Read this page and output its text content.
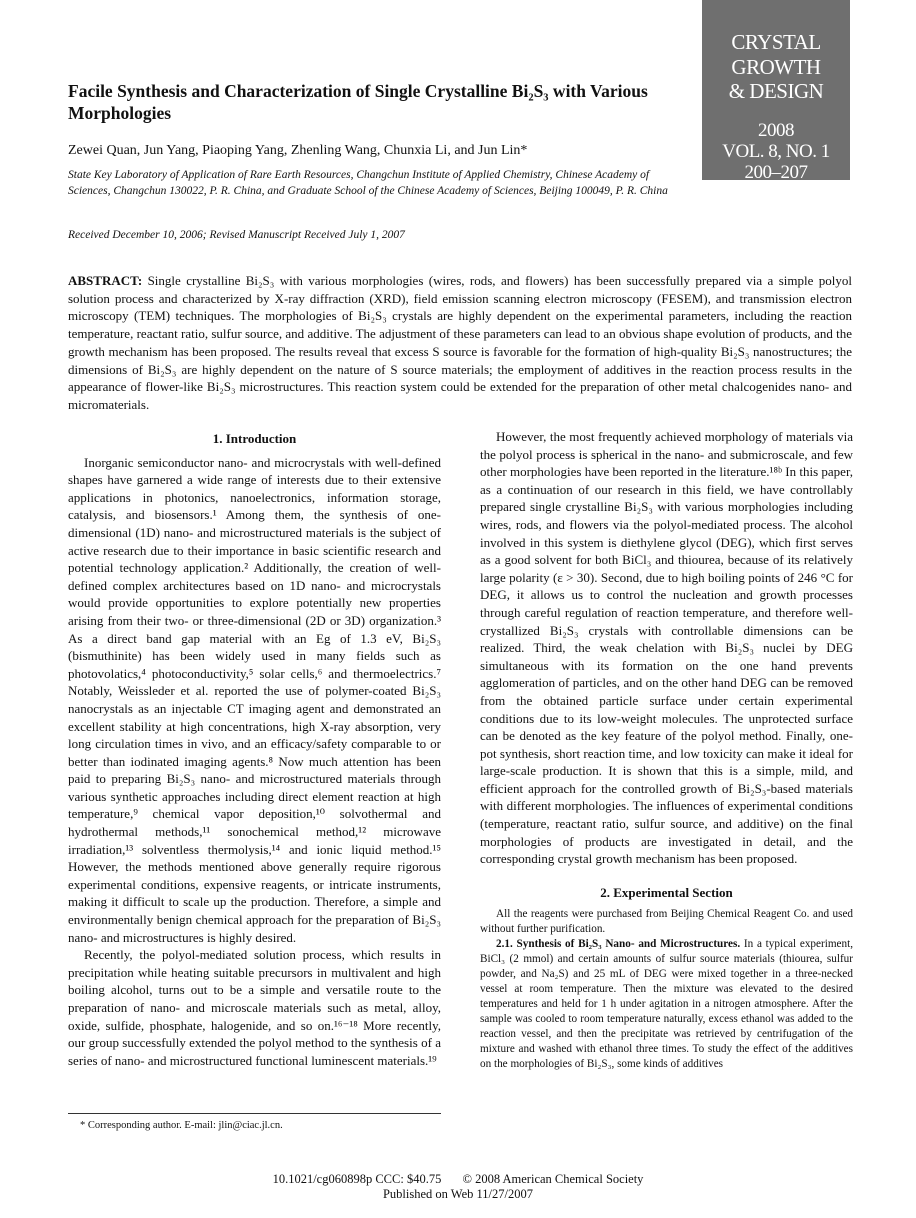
CRYSTAL
GROWTH
& DESIGN
2008
VOL. 8, NO. 1
200–207
Facile Synthesis and Characterization of Single Crystalline Bi₂S₃ with Various Morphologies
Zewei Quan, Jun Yang, Piaoping Yang, Zhenling Wang, Chunxia Li, and Jun Lin*
State Key Laboratory of Application of Rare Earth Resources, Changchun Institute of Applied Chemistry, Chinese Academy of Sciences, Changchun 130022, P. R. China, and Graduate School of the Chinese Academy of Sciences, Beijing 100049, P. R. China
Received December 10, 2006; Revised Manuscript Received July 1, 2007

ABSTRACT: Single crystalline Bi₂S₃ with various morphologies (wires, rods, and flowers) has been successfully prepared via a simple polyol solution process and characterized by X-ray diffraction (XRD), field emission scanning electron microscopy (FESEM), and transmission electron microscopy (TEM) techniques. The morphologies of Bi₂S₃ crystals are highly dependent on the experimental parameters, including the reaction temperature, reactant ratio, sulfur source, and additive. The adjustment of these parameters can lead to an obvious shape evolution of products, and the growth mechanism has been proposed. The results reveal that excess S source is favorable for the formation of high-quality Bi₂S₃ nanostructures; the dimensions of Bi₂S₃ are highly dependent on the nature of S source materials; the employment of additives in the reaction process results in the appearance of flower-like Bi₂S₃ microstructures. This reaction system could be extended for the preparation of other metal chalcogenides nano- and micromaterials.

1. Introduction

Inorganic semiconductor nano- and microcrystals with well-defined shapes have garnered a wide range of interests due to their extensive applications in photonics, nanoelectronics, information storage, catalysis, and biosensors.¹ Among them, the synthesis of one-dimensional (1D) nano- and microstructured materials is the subject of active research due to their importance in basic scientific research and potential technology application.² Additionally, the creation of well-defined complex architectures based on 1D nano- and microcrystals would provide opportunities to explore potentially new properties arising from their two- or three-dimensional (2D or 3D) organization.³ As a direct band gap material with an Eg of 1.3 eV, Bi₂S₃ (bismuthinite) has been widely used in many fields such as photovolatics,⁴ photoconductivity,⁵ solar cells,⁶ and thermoelectrics.⁷ Notably, Weissleder et al. reported the use of polymer-coated Bi₂S₃ nanocrystals as an injectable CT imaging agent and demonstrated an excellent stability at high concentrations, high X-ray absorption, very long circulation times in vivo, and an efficacy/safety comparable to or better than iodinated imaging agents.⁸ Now much attention has been paid to preparing Bi₂S₃ nano- and microstructured materials through various synthetic approaches including direct element reaction at high temperature,⁹ chemical vapor deposition,¹⁰ solvothermal and hydrothermal methods,¹¹ sonochemical method,¹² microwave irradiation,¹³ solventless thermolysis,¹⁴ and ionic liquid method.¹⁵ However, the methods mentioned above generally require rigorous experimental conditions, expensive reagents, or intricate instruments, making it difficult to scale up the production. Therefore, a simple and environmentally benign chemical approach for the preparation of Bi₂S₃ nano- and microstructures is highly desired.

Recently, the polyol-mediated solution process, which results in precipitation while heating suitable precursors in multivalent and high boiling alcohol, turns out to be a simple and versatile route to the preparation of nano- and microscale materials such as metal, alloy, oxide, sulfide, phosphate, halogenide, and so on.¹⁶⁻¹⁸ More recently, our group successfully extended the polyol method to the synthesis of a series of nano- and microstructured functional luminescent materials.¹⁹

However, the most frequently achieved morphology of materials via the polyol process is spherical in the nano- and submicroscale, and few other morphologies have been reported in the literature.¹⁸ᵇ In this paper, as a continuation of our research in this field, we have controllably prepared single crystalline Bi₂S₃ with various morphologies including wires, rods, and flowers via the polyol-mediated process. The alcohol involved in this system is diethylene glycol (DEG), which first serves as a good solvent for both BiCl₃ and thiourea, because of its relatively large polarity (ε > 30). Second, due to high boiling points of 246 °C for DEG, it allows us to control the nucleation and growth processes through careful regulation of reaction temperature, and therefore well-crystallized Bi₂S₃ crystals with controllable dimensions can be realized. Third, the weak chelation with Bi₂S₃ nuclei by DEG simultaneous with its formation on the one hand prevents agglomeration of particles, and on the other hand DEG can be removed from the obtained particle surface under certain experimental conditions due to its low-weight molecules. The unprotected surface can be denoted as the key feature of the polyol method. Finally, one-pot synthesis, short reaction time, and low toxicity can make it ideal for large-scale production. It is shown that this is a simple, mild, and efficient approach for the controlled growth of Bi₂S₃-based materials with different morphologies. The influences of experimental conditions (temperature, reactant ratio, sulfur source, and additive) on the final morphologies of products are investigated in detail, and the corresponding crystal growth mechanism has been proposed.

2. Experimental Section

All the reagents were purchased from Beijing Chemical Reagent Co. and used without further purification.

2.1. Synthesis of Bi₂S₃ Nano- and Microstructures. In a typical experiment, BiCl₃ (2 mmol) and certain amounts of sulfur source materials (thiourea, sulfur powder, and Na₂S) and 25 mL of DEG were mixed together in a three-necked vessel at room temperature. Then the mixture was elevated to the desired temperatures and held for 1 h under agitation in a nitrogen atmosphere. After the sample was cooled to room temperature naturally, excess ethanol was added to the reaction vessel, and then the precipitate was retrieved by centrifugation of the mixture and washed with ethanol three times. To study the effect of the additives on the morphologies of Bi₂S₃, some kinds of additives

* Corresponding author. E-mail: jlin@ciac.jl.cn.
10.1021/cg060898p CCC: $40.75 © 2008 American Chemical Society
Published on Web 11/27/2007
